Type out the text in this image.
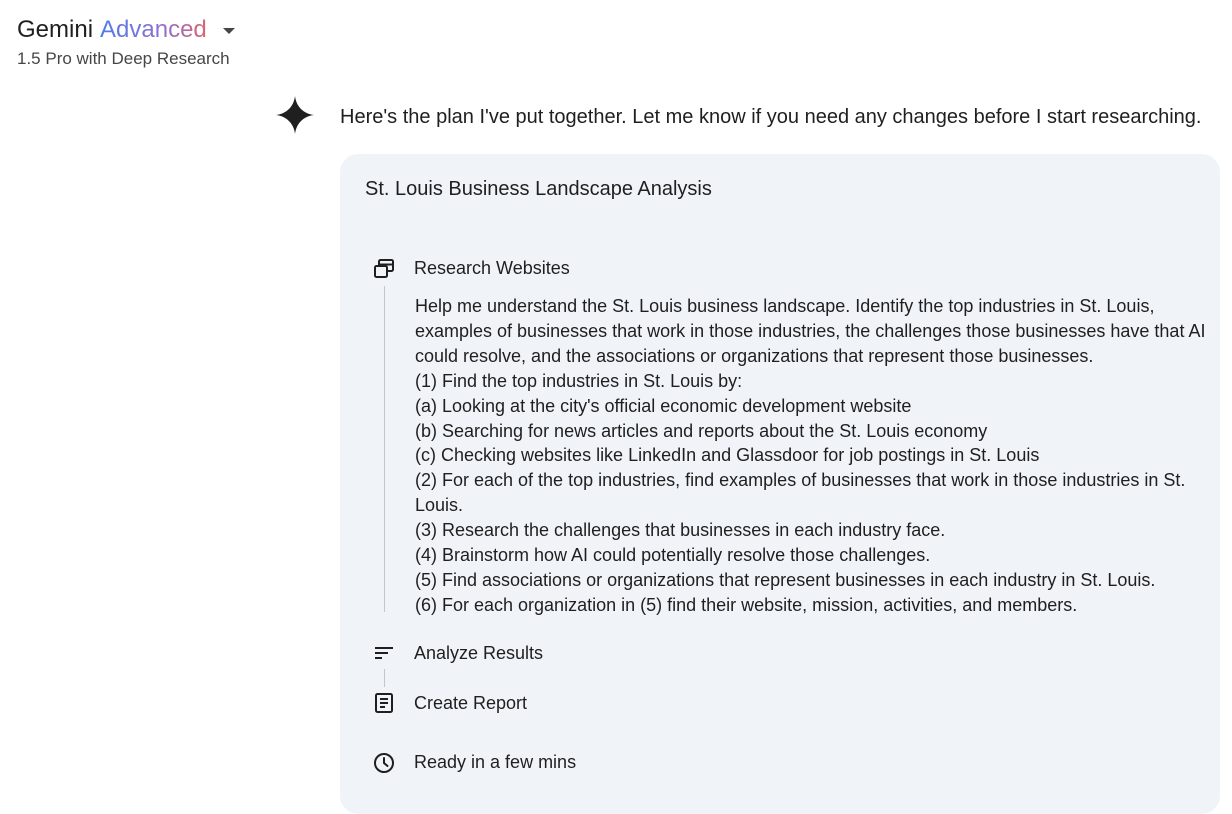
Gemini Advanced
1.5 Pro with Deep Research
Here's the plan I've put together. Let me know if you need any changes before I start researching.
St. Louis Business Landscape Analysis
Research Websites
Help me understand the St. Louis business landscape. Identify the top industries in St. Louis,
examples of businesses that work in those industries, the challenges those businesses have that AI
could resolve, and the associations or organizations that represent those businesses.
(1) Find the top industries in St. Louis by:
(a) Looking at the city's official economic development website
(b) Searching for news articles and reports about the St. Louis economy
(c) Checking websites like LinkedIn and Glassdoor for job postings in St. Louis
(2) For each of the top industries, find examples of businesses that work in those industries in St.
Louis.
(3) Research the challenges that businesses in each industry face.
(4) Brainstorm how AI could potentially resolve those challenges.
(5) Find associations or organizations that represent businesses in each industry in St. Louis.
(6) For each organization in (5) find their website, mission, activities, and members.
Analyze Results
Create Report
Ready in a few mins
